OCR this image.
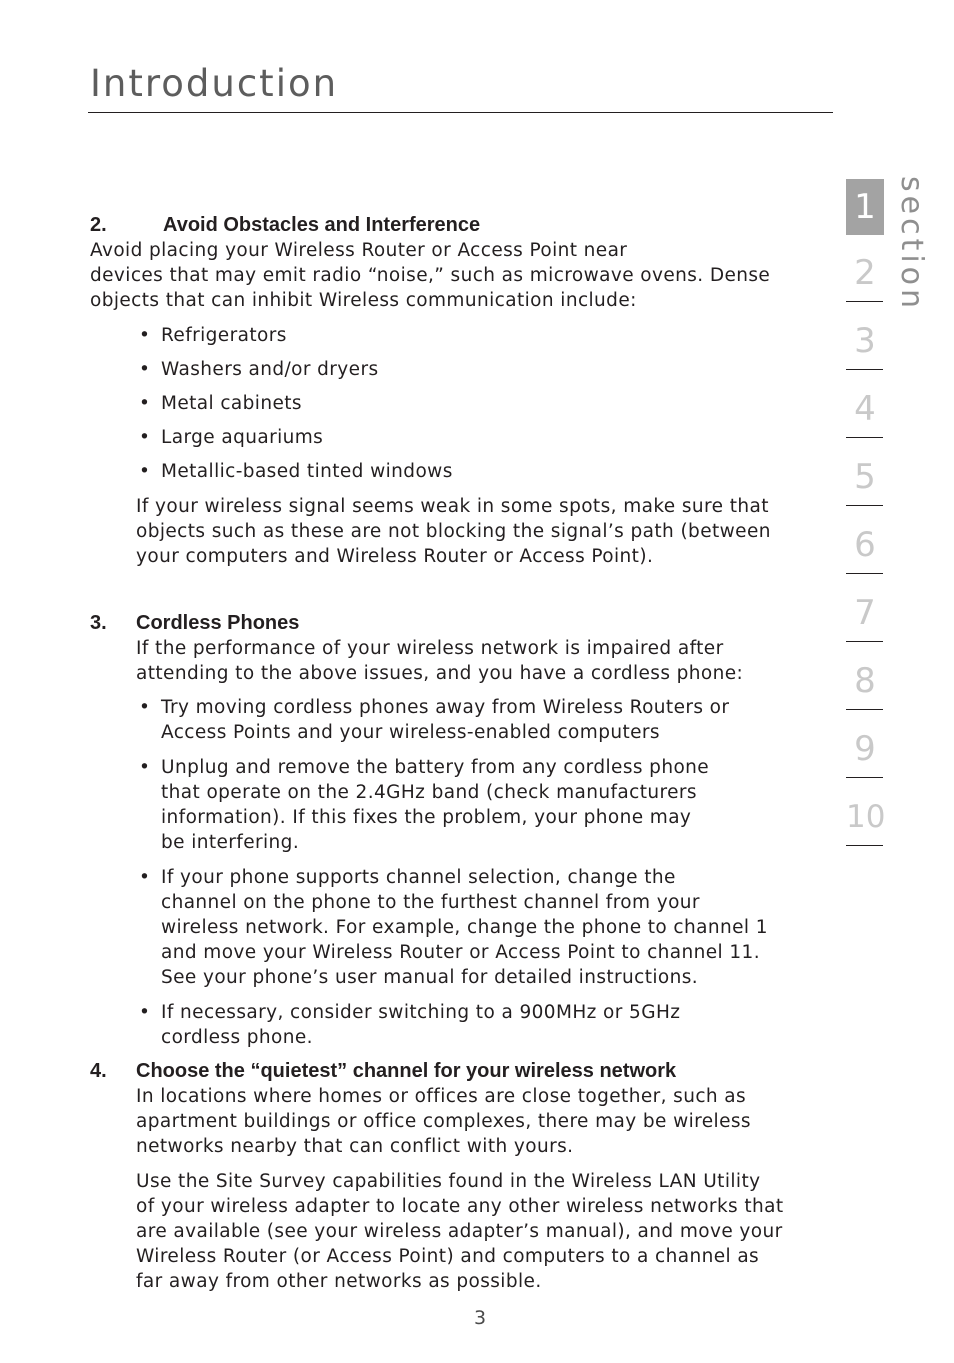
Introduction

2.	Avoid Obstacles and Interference

Avoid placing your Wireless Router or Access Point near
devices that may emit radio “noise,” such as microwave ovens. Dense
objects that can inhibit Wireless communication include:

• Refrigerators
• Washers and/or dryers
• Metal cabinets
• Large aquariums
• Metallic-based tinted windows

If your wireless signal seems weak in some spots, make sure that
objects such as these are not blocking the signal’s path (between
your computers and Wireless Router or Access Point).

3. Cordless Phones

If the performance of your wireless network is impaired after
attending to the above issues, and you have a cordless phone:

• Try moving cordless phones away from Wireless Routers or
Access Points and your wireless-enabled computers
• Unplug and remove the battery from any cordless phone
that operate on the 2.4GHz band (check manufacturers
information). If this fixes the problem, your phone may
be interfering.
• If your phone supports channel selection, change the
channel on the phone to the furthest channel from your
wireless network. For example, change the phone to channel 1
and move your Wireless Router or Access Point to channel 11.
See your phone’s user manual for detailed instructions.
• If necessary, consider switching to a 900MHz or 5GHz
cordless phone.

4. Choose the “quietest” channel for your wireless network

In locations where homes or offices are close together, such as
apartment buildings or office complexes, there may be wireless
networks nearby that can conflict with yours.

Use the Site Survey capabilities found in the Wireless LAN Utility
of your wireless adapter to locate any other wireless networks that
are available (see your wireless adapter’s manual), and move your
Wireless Router (or Access Point) and computers to a channel as
far away from other networks as possible.

3
1
2
3
4
5
6
7
8
9
10
section
